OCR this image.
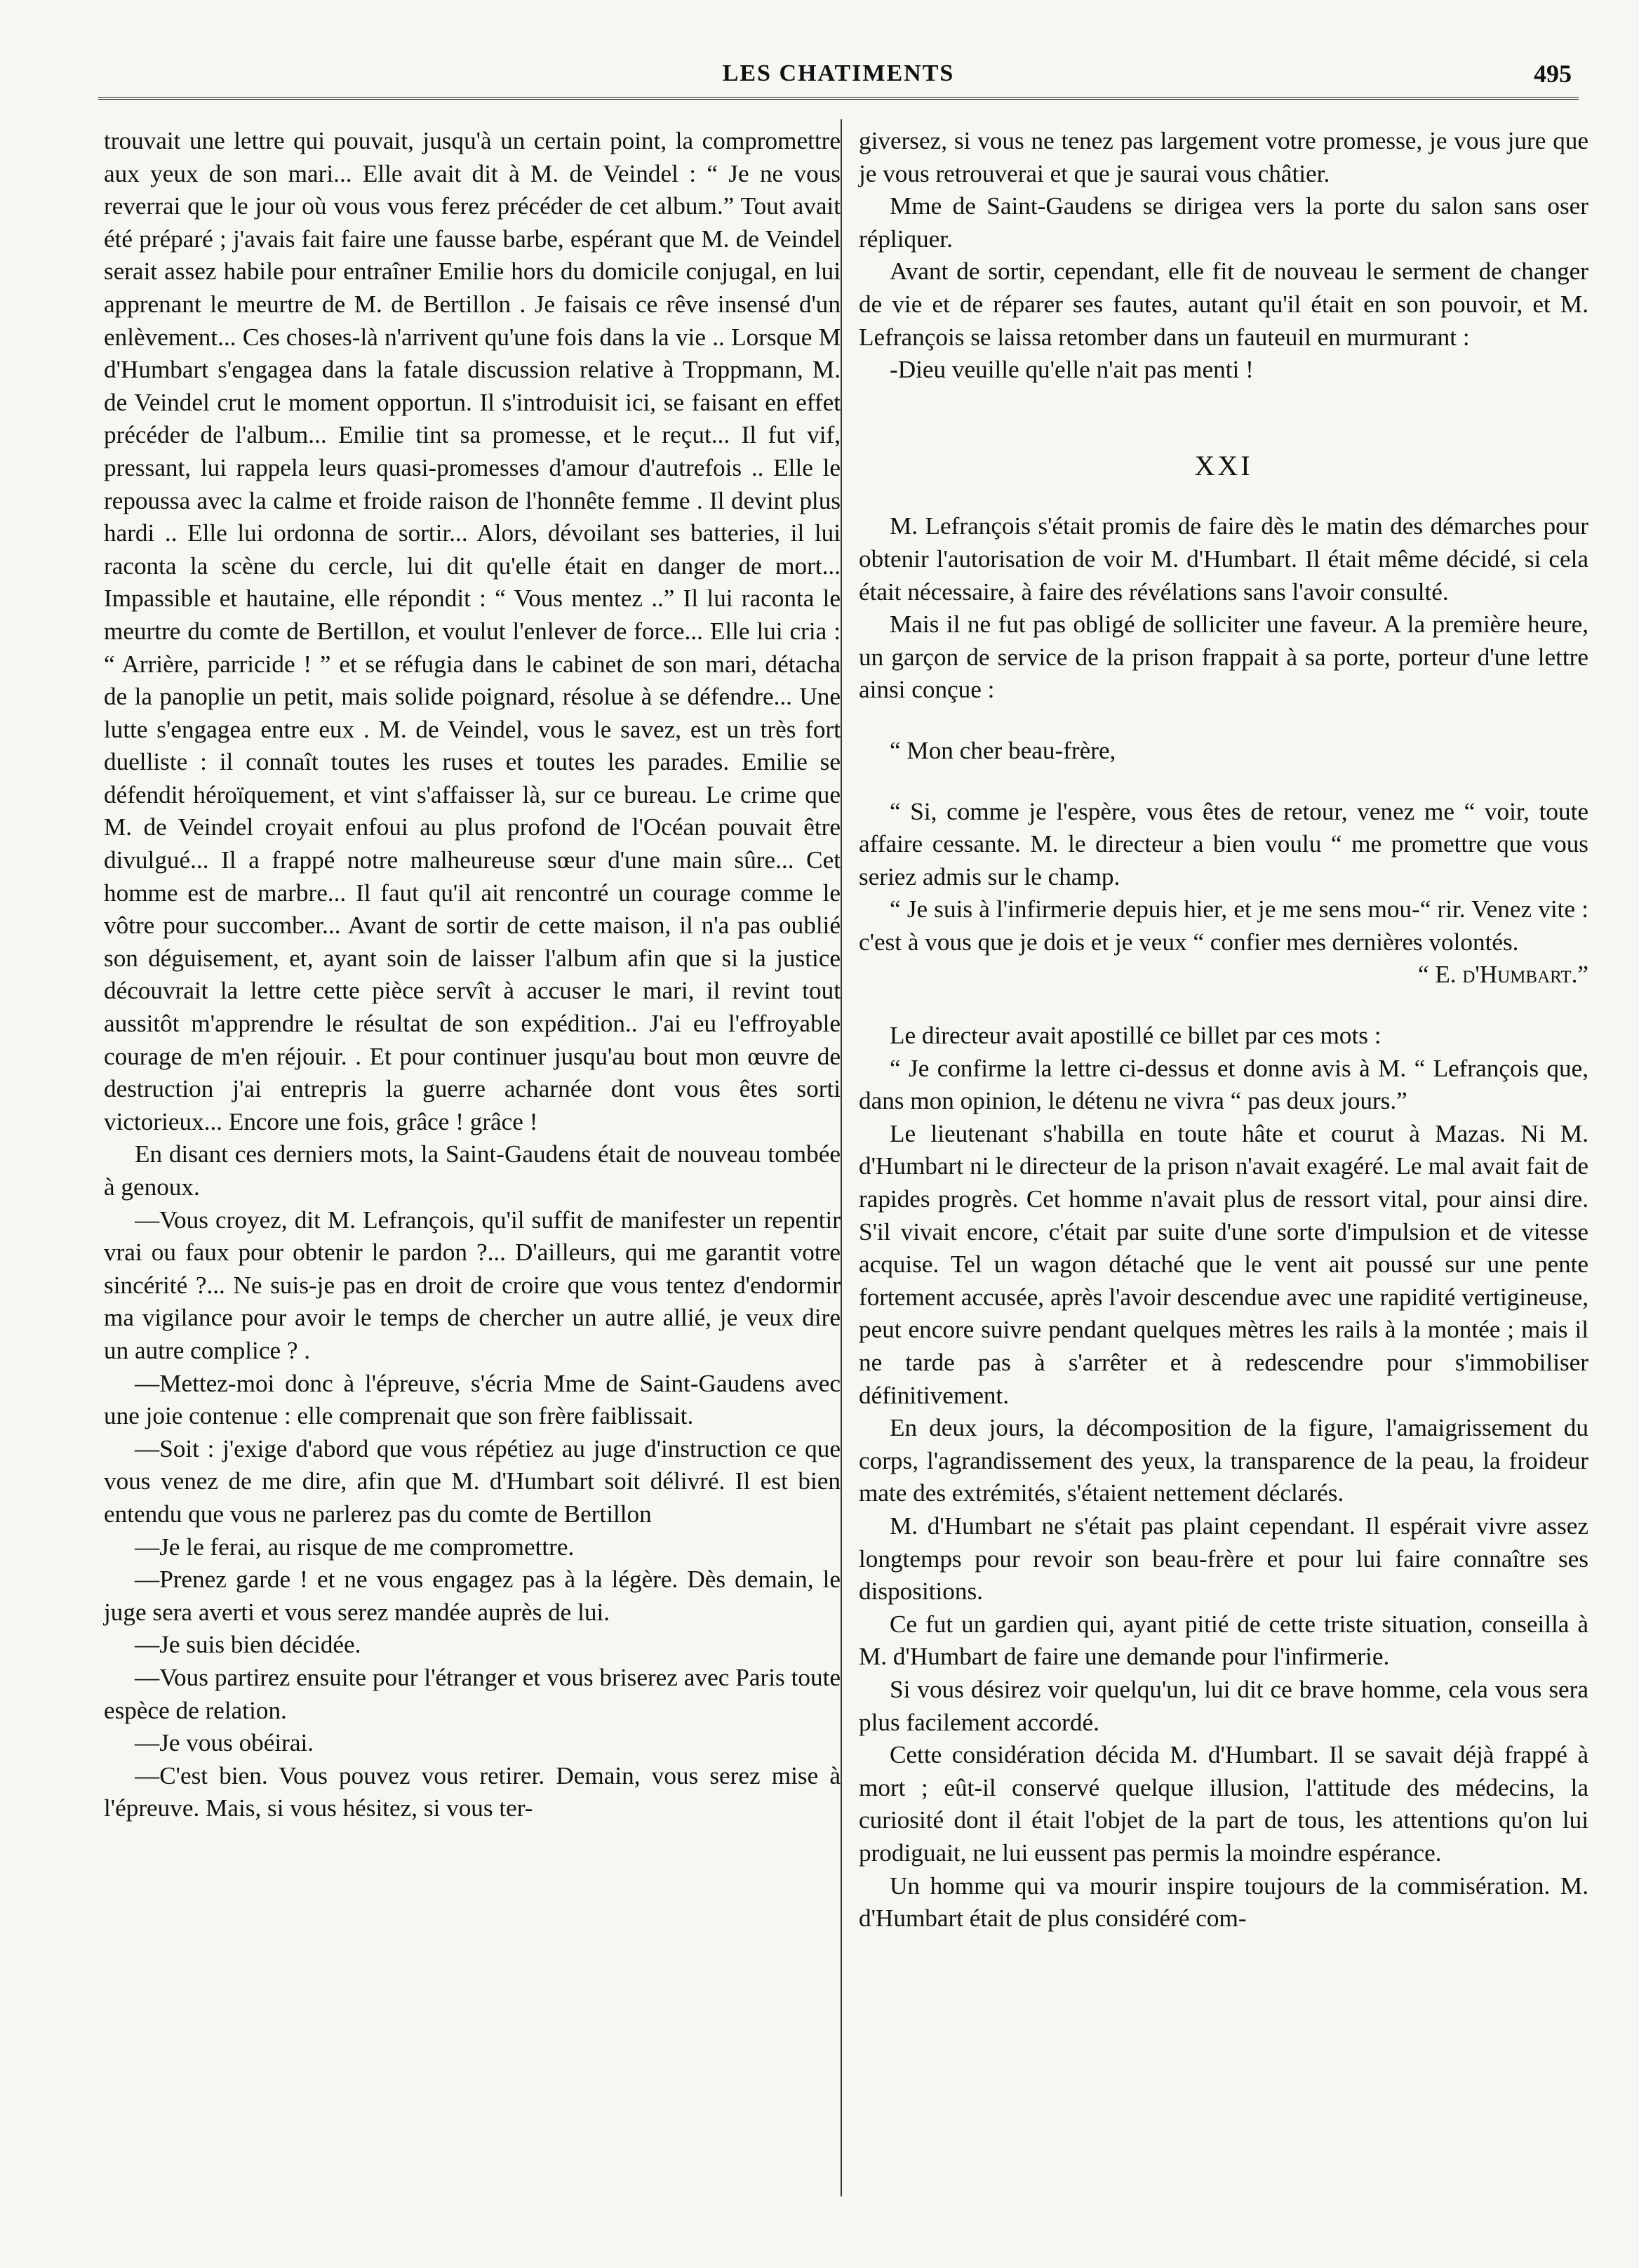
LES CHATIMENTS	495

trouvait une lettre qui pouvait, jusqu'à un certain point, la compromettre aux yeux de son mari... Elle avait dit à M. de Veindel : “ Je ne vous reverrai que le jour où vous vous ferez précéder de cet album.” Tout avait été préparé ; j'avais fait faire une fausse barbe, espérant que M. de Veindel serait assez habile pour entraîner Emilie hors du domicile conjugal, en lui apprenant le meurtre de M. de Bertillon . Je faisais ce rêve insensé d'un enlèvement... Ces choses-là n'arrivent qu'une fois dans la vie .. Lorsque M d'Humbart s'engagea dans la fatale discussion relative à Troppmann, M. de Veindel crut le moment opportun. Il s'introduisit ici, se faisant en effet précéder de l'album... Emilie tint sa promesse, et le reçut... Il fut vif, pressant, lui rappela leurs quasi-promesses d'amour d'autrefois .. Elle le repoussa avec la calme et froide raison de l'honnête femme . Il devint plus hardi .. Elle lui ordonna de sortir... Alors, dévoilant ses batteries, il lui raconta la scène du cercle, lui dit qu'elle était en danger de mort... Impassible et hautaine, elle répondit : “ Vous mentez ..” Il lui raconta le meurtre du comte de Bertillon, et voulut l'enlever de force... Elle lui cria : “ Arrière, parricide ! ” et se réfugia dans le cabinet de son mari, détacha de la panoplie un petit, mais solide poignard, résolue à se défendre... Une lutte s'engagea entre eux . M. de Veindel, vous le savez, est un très fort duelliste : il connaît toutes les ruses et toutes les parades. Emilie se défendit héroïquement, et vint s'affaisser là, sur ce bureau. Le crime que M. de Veindel croyait enfoui au plus profond de l'Océan pouvait être divulgué... Il a frappé notre malheureuse sœur d'une main sûre... Cet homme est de marbre... Il faut qu'il ait rencontré un courage comme le vôtre pour succomber... Avant de sortir de cette maison, il n'a pas oublié son déguisement, et, ayant soin de laisser l'album afin que si la justice découvrait la lettre cette pièce servît à accuser le mari, il revint tout aussitôt m'apprendre le résultat de son expédition.. J'ai eu l'effroyable courage de m'en réjouir. . Et pour continuer jusqu'au bout mon œuvre de destruction j'ai entrepris la guerre acharnée dont vous êtes sorti victorieux... Encore une fois, grâce ! grâce !

En disant ces derniers mots, la Saint-Gaudens était de nouveau tombée à genoux.

—Vous croyez, dit M. Lefrançois, qu'il suffit de manifester un repentir vrai ou faux pour obtenir le pardon ?... D'ailleurs, qui me garantit votre sincérité ?... Ne suis-je pas en droit de croire que vous tentez d'endormir ma vigilance pour avoir le temps de chercher un autre allié, je veux dire un autre complice ? .

—Mettez-moi donc à l'épreuve, s'écria Mme de Saint-Gaudens avec une joie contenue : elle comprenait que son frère faiblissait.

—Soit : j'exige d'abord que vous répétiez au juge d'instruction ce que vous venez de me dire, afin que M. d'Humbart soit délivré. Il est bien entendu que vous ne parlerez pas du comte de Bertillon

—Je le ferai, au risque de me compromettre.

—Prenez garde ! et ne vous engagez pas à la légère. Dès demain, le juge sera averti et vous serez mandée auprès de lui.

—Je suis bien décidée.

—Vous partirez ensuite pour l'étranger et vous briserez avec Paris toute espèce de relation.

—Je vous obéirai.

—C'est bien. Vous pouvez vous retirer. Demain, vous serez mise à l'épreuve. Mais, si vous hésitez, si vous ter-

giversez, si vous ne tenez pas largement votre promesse, je vous jure que je vous retrouverai et que je saurai vous châtier.

Mme de Saint-Gaudens se dirigea vers la porte du salon sans oser répliquer.

Avant de sortir, cependant, elle fit de nouveau le serment de changer de vie et de réparer ses fautes, autant qu'il était en son pouvoir, et M. Lefrançois se laissa retomber dans un fauteuil en murmurant :

-Dieu veuille qu'elle n'ait pas menti !

XXI

M. Lefrançois s'était promis de faire dès le matin des démarches pour obtenir l'autorisation de voir M. d'Humbart. Il était même décidé, si cela était nécessaire, à faire des révélations sans l'avoir consulté.

Mais il ne fut pas obligé de solliciter une faveur. A la première heure, un garçon de service de la prison frappait à sa porte, porteur d'une lettre ainsi conçue :

“ Mon cher beau-frère,

“ Si, comme je l'espère, vous êtes de retour, venez me “ voir, toute affaire cessante. M. le directeur a bien voulu “ me promettre que vous seriez admis sur le champ.

“ Je suis à l'infirmerie depuis hier, et je me sens mou-“ rir. Venez vite : c'est à vous que je dois et je veux “ confier mes dernières volontés.

“ E. d'Humbart.”

Le directeur avait apostillé ce billet par ces mots :

“ Je confirme la lettre ci-dessus et donne avis à M. “ Lefrançois que, dans mon opinion, le détenu ne vivra “ pas deux jours.”

Le lieutenant s'habilla en toute hâte et courut à Mazas. Ni M. d'Humbart ni le directeur de la prison n'avait exagéré. Le mal avait fait de rapides progrès. Cet homme n'avait plus de ressort vital, pour ainsi dire. S'il vivait encore, c'était par suite d'une sorte d'impulsion et de vitesse acquise. Tel un wagon détaché que le vent ait poussé sur une pente fortement accusée, après l'avoir descendue avec une rapidité vertigineuse, peut encore suivre pendant quelques mètres les rails à la montée ; mais il ne tarde pas à s'arrêter et à redescendre pour s'immobiliser définitivement.

En deux jours, la décomposition de la figure, l'amaigrissement du corps, l'agrandissement des yeux, la transparence de la peau, la froideur mate des extrémités, s'étaient nettement déclarés.

M. d'Humbart ne s'était pas plaint cependant. Il espérait vivre assez longtemps pour revoir son beau-frère et pour lui faire connaître ses dispositions.

Ce fut un gardien qui, ayant pitié de cette triste situation, conseilla à M. d'Humbart de faire une demande pour l'infirmerie.

Si vous désirez voir quelqu'un, lui dit ce brave homme, cela vous sera plus facilement accordé.

Cette considération décida M. d'Humbart. Il se savait déjà frappé à mort ; eût-il conservé quelque illusion, l'attitude des médecins, la curiosité dont il était l'objet de la part de tous, les attentions qu'on lui prodiguait, ne lui eussent pas permis la moindre espérance.

Un homme qui va mourir inspire toujours de la commisération. M. d'Humbart était de plus considéré com-
